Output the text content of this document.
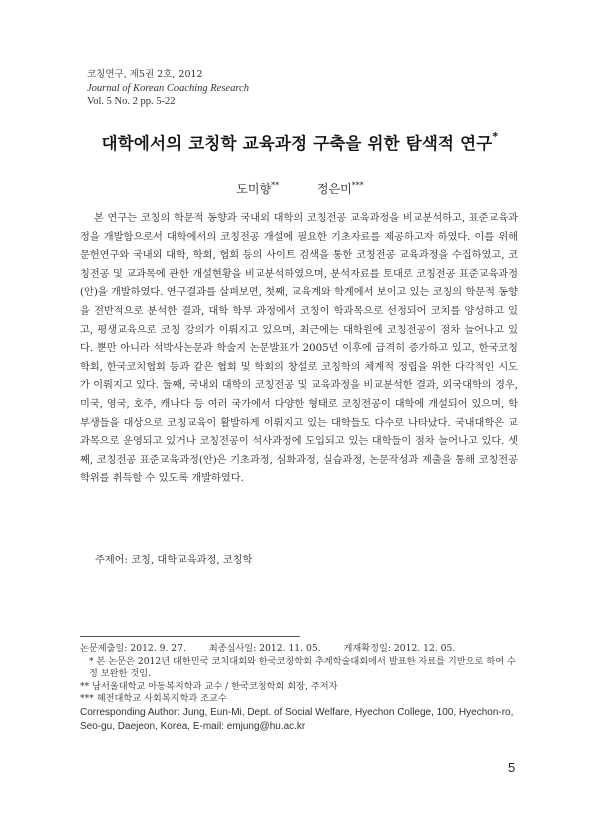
코칭연구, 제5권 2호, 2012
Journal of Korean Coaching Research
Vol. 5 No. 2 pp. 5-22
대학에서의 코칭학 교육과정 구축을 위한 탐색적 연구*
도미향**	정은미***
본 연구는 코칭의 학문적 동향과 국내외 대학의 코칭전공 교육과정을 비교분석하고, 표준교육과정을 개발함으로서 대학에서의 코칭전공 개설에 필요한 기초자료를 제공하고자 하였다. 이를 위해 문헌연구와 국내외 대학, 학회, 협회 등의 사이트 검색을 통한 코칭전공 교육과정을 수집하였고, 코칭전공 및 교과목에 관한 개설현황을 비교분석하였으며, 분석자료를 토대로 코칭전공 표준교육과정(안)을 개발하였다. 연구결과를 살펴보면, 첫째, 교육계와 학계에서 보이고 있는 코칭의 학문적 동향을 전반적으로 분석한 결과, 대학 학부 과정에서 코칭이 학과목으로 선정되어 코치를 양성하고 있고, 평생교육으로 코칭 강의가 이뤄지고 있으며, 최근에는 대학원에 코칭전공이 점차 늘어나고 있다. 뿐만 아니라 석박사논문과 학술지 논문발표가 2005년 이후에 급격히 증가하고 있고, 한국코칭학회, 한국코치협회 등과 같은 협회 및 학회의 창설로 코칭학의 체계적 정립을 위한 다각적인 시도가 이뤄지고 있다. 둘째, 국내외 대학의 코칭전공 및 교육과정을 비교분석한 결과, 외국대학의 경우, 미국, 영국, 호주, 캐나다 등 여러 국가에서 다양한 형태로 코칭전공이 대학에 개설되어 있으며, 학부생들을 대상으로 코칭교육이 활발하게 이뤄지고 있는 대학들도 다수로 나타났다. 국내대학은 교과목으로 운영되고 있거나 코칭전공이 석사과정에 도입되고 있는 대학들이 점차 늘어나고 있다. 셋째, 코칭전공 표준교육과정(안)은 기초과정, 심화과정, 실습과정, 논문작성과 제출을 통해 코칭전공 학위를 취득할 수 있도록 개발하였다.
주제어: 코칭, 대학교육과정, 코칭학
논문제출일: 2012. 9. 27. 최종심사일: 2012. 11. 05. 게재확정일: 2012. 12. 05.
* 본 논문은 2012년 대한민국 코치대회와 한국코칭학회 추계학술대회에서 발표한 자료를 기반으로 하여 수정 보완한 것임.
** 남서울대학교 아동복지학과 교수 / 한국코칭학회 회장, 주저자
*** 혜전대학교 사회복지학과 조교수
Corresponding Author: Jung, Eun-Mi, Dept. of Social Welfare, Hyechon College, 100, Hyechon-ro, Seo-gu, Daejeon, Korea, E-mail: emjung@hu.ac.kr
5
